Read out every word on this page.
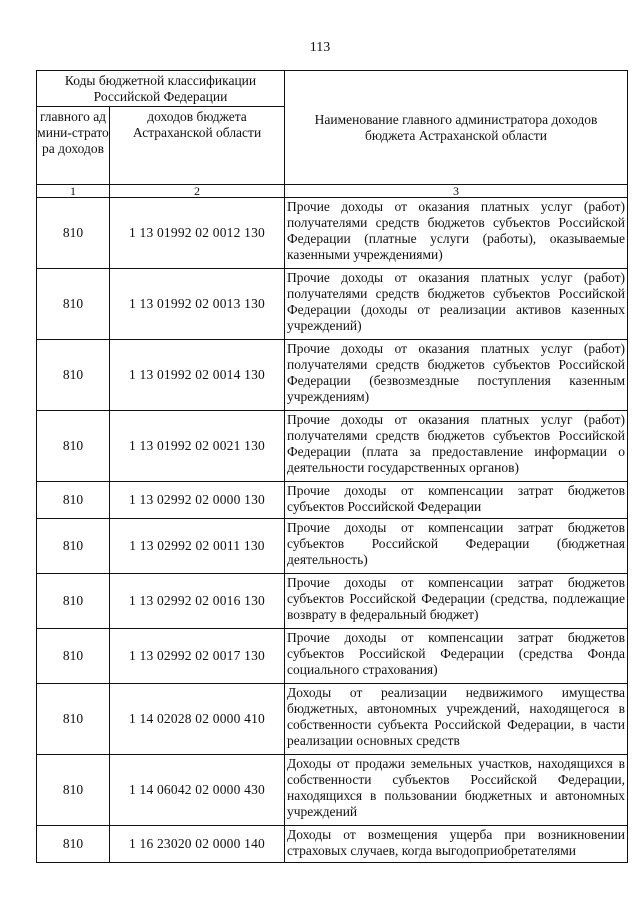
113
Коды бюджетной классификации Российской Федерации		Наименование главного администратора доходов бюджета Астраханской области
главного админи-стратора доходов	доходов бюджета Астраханской области	
1	2	3
810	1 13 01992 02 0012 130	Прочие доходы от оказания платных услуг (работ) получателями средств бюджетов субъектов Российской Федерации (платные услуги (работы), оказываемые казенными учреждениями)
810	1 13 01992 02 0013 130	Прочие доходы от оказания платных услуг (работ) получателями средств бюджетов субъектов Российской Федерации (доходы от реализации активов казенных учреждений)
810	1 13 01992 02 0014 130	Прочие доходы от оказания платных услуг (работ) получателями средств бюджетов субъектов Российской Федерации (безвозмездные поступления казенным учреждениям)
810	1 13 01992 02 0021 130	Прочие доходы от оказания платных услуг (работ) получателями средств бюджетов субъектов Российской Федерации (плата за предоставление информации о деятельности государственных органов)
810	1 13 02992 02 0000 130	Прочие доходы от компенсации затрат бюджетов субъектов Российской Федерации
810	1 13 02992 02 0011 130	Прочие доходы от компенсации затрат бюджетов субъектов Российской Федерации (бюджетная деятельность)
810	1 13 02992 02 0016 130	Прочие доходы от компенсации затрат бюджетов субъектов Российской Федерации (средства, подлежащие возврату в федеральный бюджет)
810	1 13 02992 02 0017 130	Прочие доходы от компенсации затрат бюджетов субъектов Российской Федерации (средства Фонда социального страхования)
810	1 14 02028 02 0000 410	Доходы от реализации недвижимого имущества бюджетных, автономных учреждений, находящегося в собственности субъекта Российской Федерации, в части реализации основных средств
810	1 14 06042 02 0000 430	Доходы от продажи земельных участков, находящихся в собственности субъектов Российской Федерации, находящихся в пользовании бюджетных и автономных учреждений
810	1 16 23020 02 0000 140	Доходы от возмещения ущерба при возникновении страховых случаев, когда выгодоприобретателями
